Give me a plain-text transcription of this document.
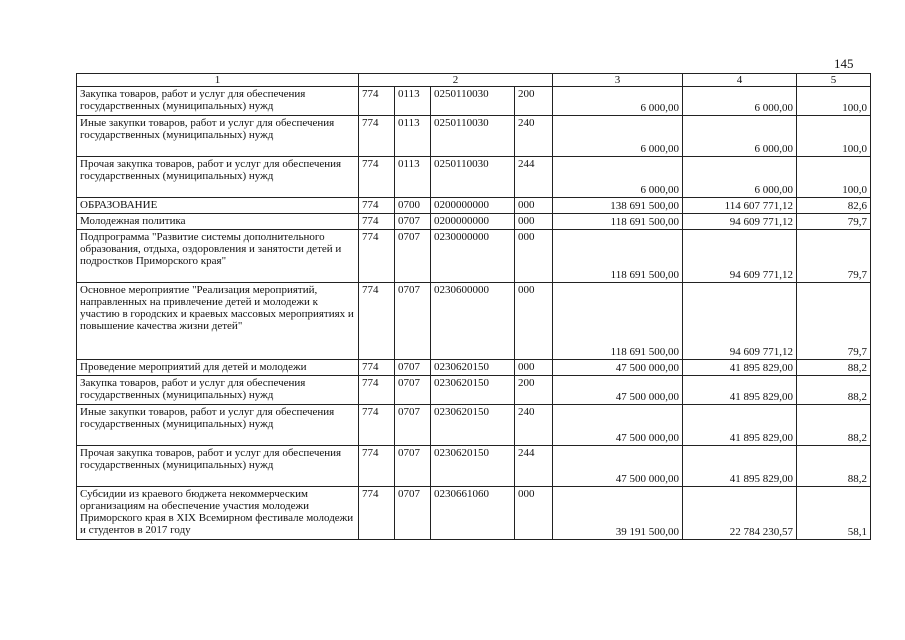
145
1	2				3	4	5
Закупка товаров, работ и услуг для обеспечения государственных (муниципальных) нужд	774	0113	0250110030	200	6 000,00	6 000,00	100,0
Иные закупки товаров, работ и услуг для обеспечения государственных (муниципальных) нужд	774	0113	0250110030	240	6 000,00	6 000,00	100,0
Прочая закупка товаров, работ и услуг для обеспечения государственных (муниципальных) нужд	774	0113	0250110030	244	6 000,00	6 000,00	100,0
ОБРАЗОВАНИЕ	774	0700	0200000000	000	138 691 500,00	114 607 771,12	82,6
Молодежная политика	774	0707	0200000000	000	118 691 500,00	94 609 771,12	79,7
Подпрограмма "Развитие системы дополнительного образования, отдыха, оздоровления и занятости детей и подростков Приморского края"	774	0707	0230000000	000	118 691 500,00	94 609 771,12	79,7
Основное мероприятие "Реализация мероприятий, направленных на привлечение детей и молодежи к участию в городских и краевых массовых мероприятиях и повышение качества жизни детей"	774	0707	0230600000	000	118 691 500,00	94 609 771,12	79,7
Проведение мероприятий для детей и молодежи	774	0707	0230620150	000	47 500 000,00	41 895 829,00	88,2
Закупка товаров, работ и услуг для обеспечения государственных (муниципальных) нужд	774	0707	0230620150	200	47 500 000,00	41 895 829,00	88,2
Иные закупки товаров, работ и услуг для обеспечения государственных (муниципальных) нужд	774	0707	0230620150	240	47 500 000,00	41 895 829,00	88,2
Прочая закупка товаров, работ и услуг для обеспечения государственных (муниципальных) нужд	774	0707	0230620150	244	47 500 000,00	41 895 829,00	88,2
Субсидии из краевого бюджета некоммерческим организациям на обеспечение участия молодежи Приморского края в XIX Всемирном фестивале молодежи и студентов в 2017 году	774	0707	0230661060	000	39 191 500,00	22 784 230,57	58,1
